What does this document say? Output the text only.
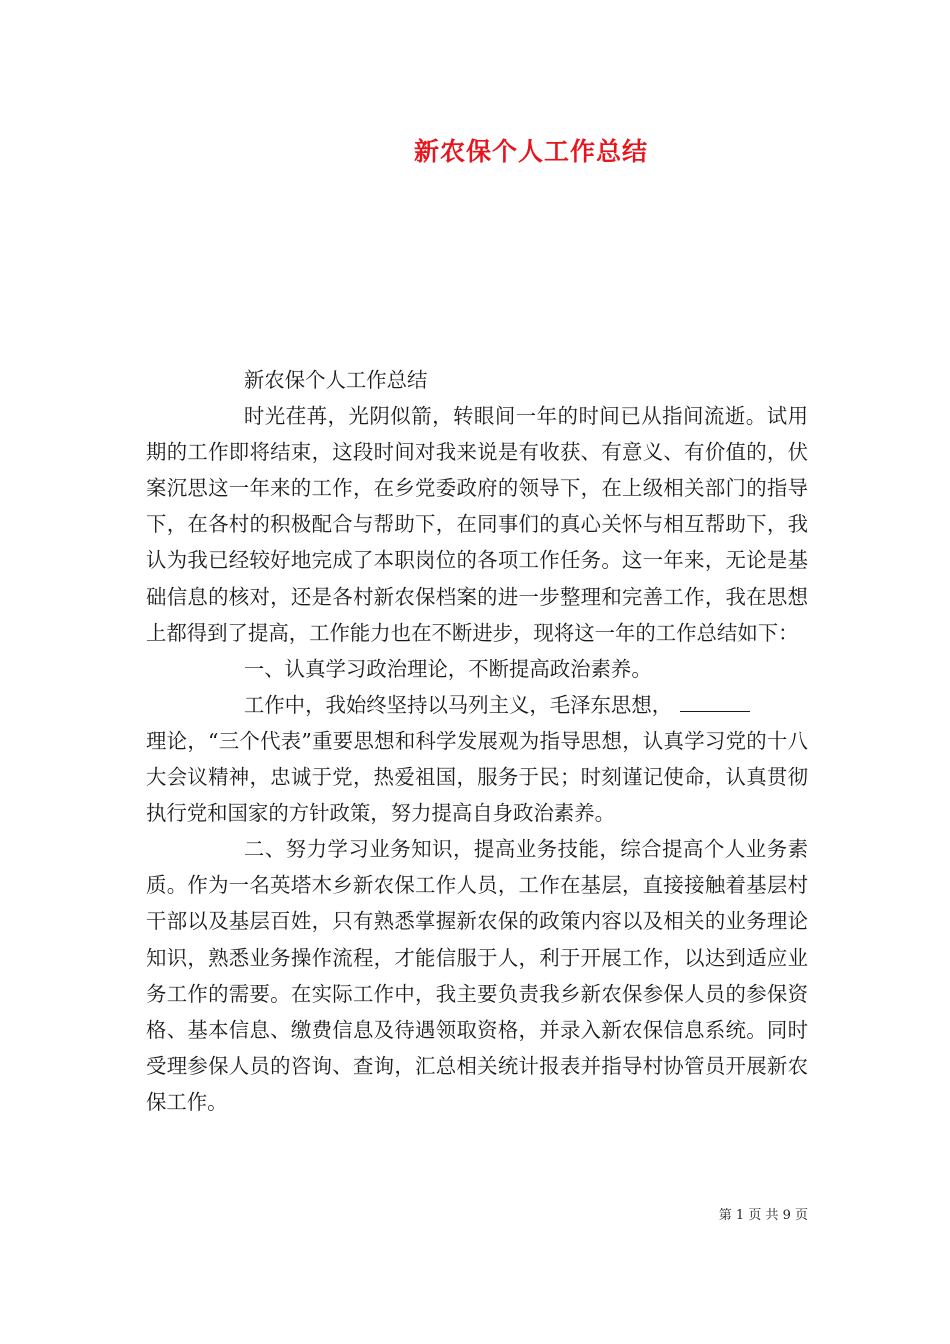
新农保个人工作总结

新农保个人工作总结

时光荏苒，光阴似箭，转眼间一年的时间已从指间流逝。试用期的工作即将结束，这段时间对我来说是有收获、有意义、有价值的，伏案沉思这一年来的工作，在乡党委政府的领导下，在上级相关部门的指导下，在各村的积极配合与帮助下，在同事们的真心关怀与相互帮助下，我认为我已经较好地完成了本职岗位的各项工作任务。这一年来，无论是基础信息的核对，还是各村新农保档案的进一步整理和完善工作，我在思想上都得到了提高，工作能力也在不断进步，现将这一年的工作总结如下：

一、认真学习政治理论，不断提高政治素养。

工作中，我始终坚持以马列主义，毛泽东思想，
理论，“三个代表”重要思想和科学发展观为指导思想，认真学习党的十八大会议精神，忠诚于党，热爱祖国，服务于民；时刻谨记使命，认真贯彻执行党和国家的方针政策，努力提高自身政治素养。

二、努力学习业务知识，提高业务技能，综合提高个人业务素质。作为一名英塔木乡新农保工作人员，工作在基层，直接接触着基层村干部以及基层百姓，只有熟悉掌握新农保的政策内容以及相关的业务理论知识，熟悉业务操作流程，才能信服于人，利于开展工作，以达到适应业务工作的需要。在实际工作中，我主要负责我乡新农保参保人员的参保资格、基本信息、缴费信息及待遇领取资格，并录入新农保信息系统。同时受理参保人员的咨询、查询，汇总相关统计报表并指导村协管员开展新农保工作。

第 1 页 共 9 页
